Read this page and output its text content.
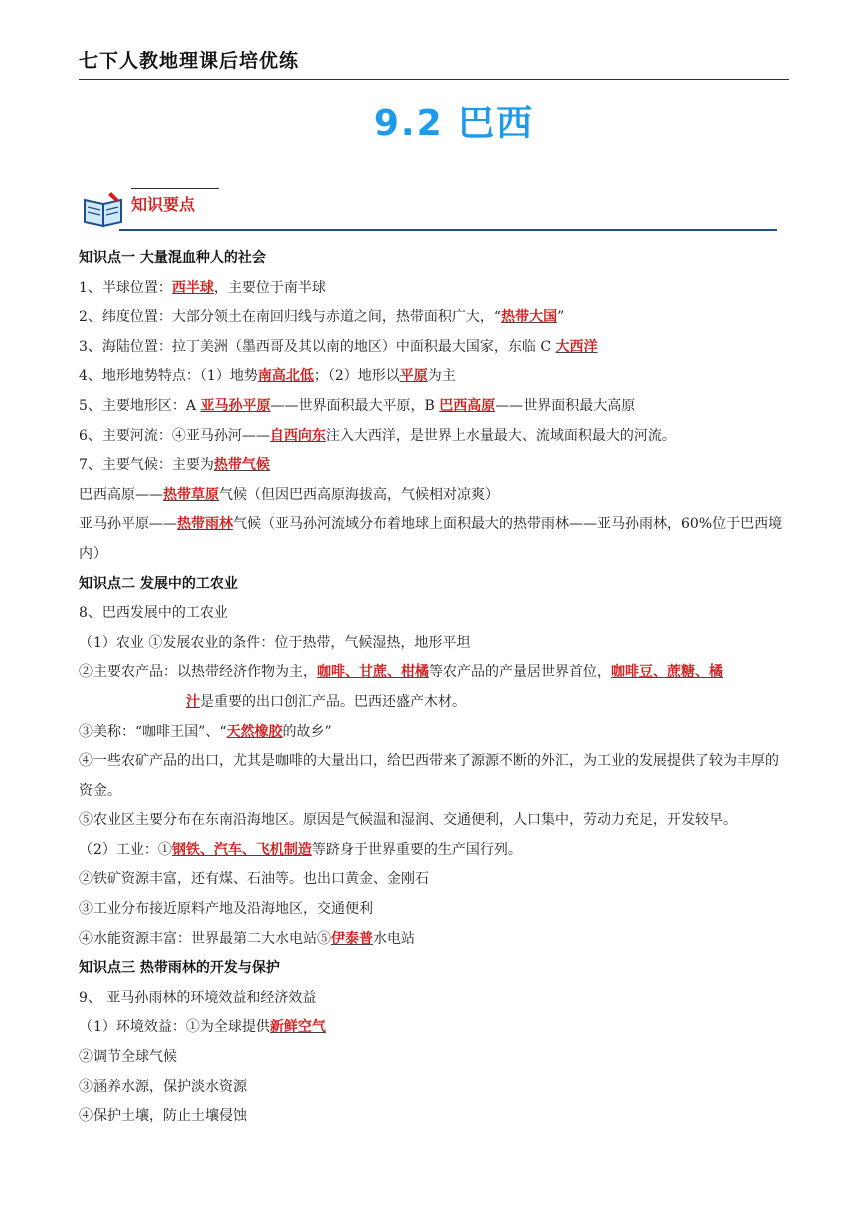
七下人教地理课后培优练
9.2 巴西
知识要点
知识点一 大量混血种人的社会
1、半球位置：西半球，主要位于南半球
2、纬度位置：大部分领土在南回归线与赤道之间，热带面积广大，“热带大国”
3、海陆位置：拉丁美洲（墨西哥及其以南的地区）中面积最大国家，东临 C 大西洋
4、地形地势特点：（1）地势南高北低；（2）地形以平原为主
5、主要地形区：A 亚马孙平原——世界面积最大平原，B 巴西高原——世界面积最大高原
6、主要河流：④亚马孙河——自西向东注入大西洋，是世界上水量最大、流域面积最大的河流。
7、主要气候：主要为热带气候
巴西高原——热带草原气候（但因巴西高原海拔高，气候相对凉爽）
亚马孙平原——热带雨林气候（亚马孙河流域分布着地球上面积最大的热带雨林——亚马孙雨林，60%位于巴西境内）
知识点二 发展中的工农业
8、巴西发展中的工农业
（1）农业 ①发展农业的条件：位于热带，气候湿热，地形平坦
②主要农产品：以热带经济作物为主，咖啡、甘蔗、柑橘等农产品的产量居世界首位，咖啡豆、蔗糖、橘
汁是重要的出口创汇产品。巴西还盛产木材。
③美称：“咖啡王国”、“天然橡胶的故乡”
④一些农矿产品的出口，尤其是咖啡的大量出口，给巴西带来了源源不断的外汇，为工业的发展提供了较为丰厚的资金。
⑤农业区主要分布在东南沿海地区。原因是气候温和湿润、交通便利，人口集中，劳动力充足，开发较早。
（2）工业：①钢铁、汽车、飞机制造等跻身于世界重要的生产国行列。
②铁矿资源丰富，还有煤、石油等。也出口黄金、金刚石
③工业分布接近原料产地及沿海地区，交通便利
④水能资源丰富：世界最第二大水电站⑤伊泰普水电站
知识点三 热带雨林的开发与保护
9、 亚马孙雨林的环境效益和经济效益
（1）环境效益：①为全球提供新鲜空气
②调节全球气候
③涵养水源，保护淡水资源
④保护土壤，防止土壤侵蚀
